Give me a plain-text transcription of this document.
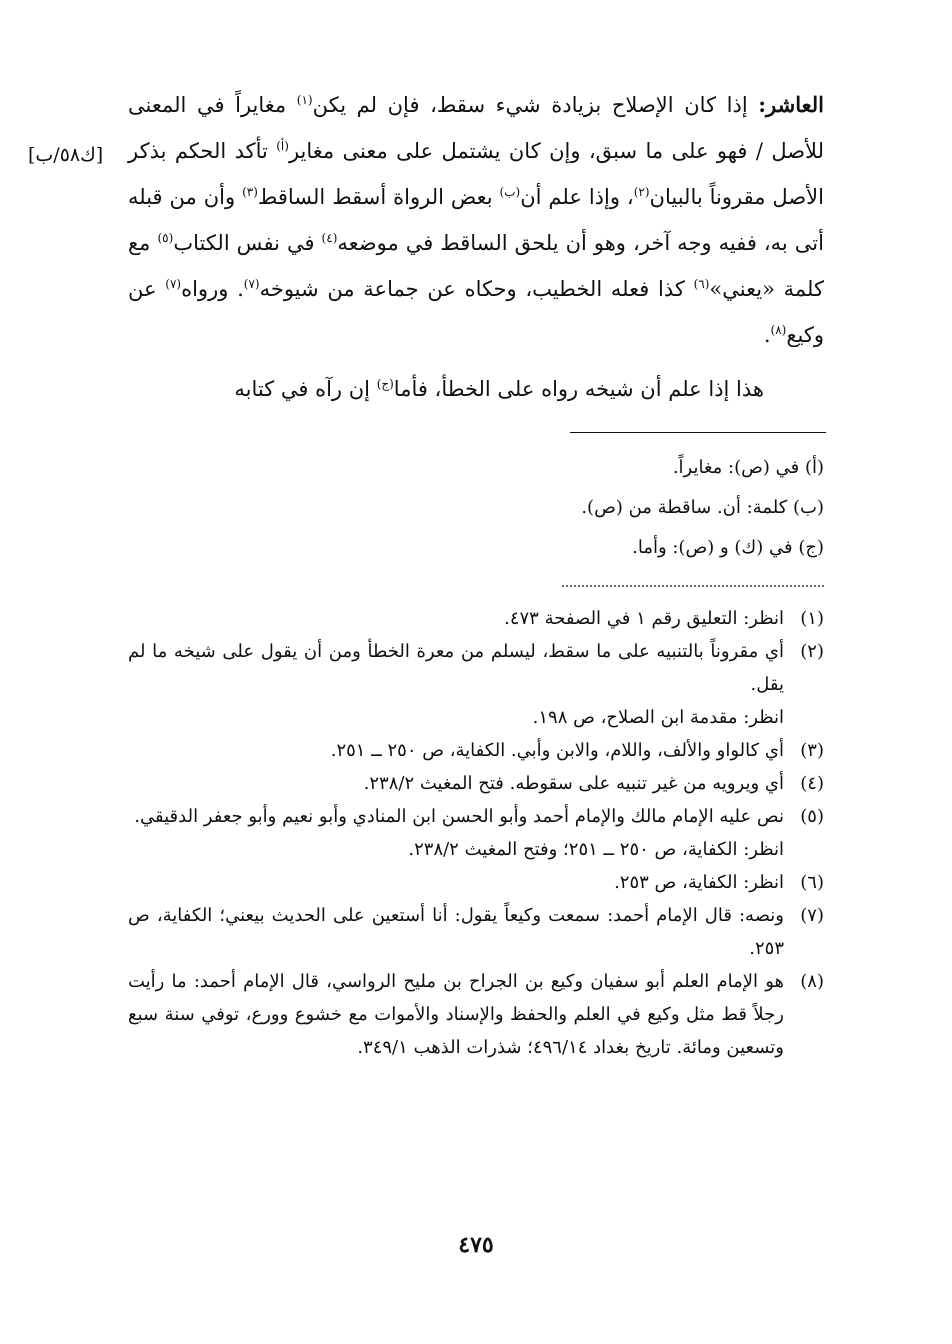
العاشر: إذا كان الإصلاح بزيادة شيء سقط، فإن لم يكن$^{(١)}$ مغايراً في المعنى للأصل / فهو على ما سبق، وإن كان يشتمل على معنى مغاير$^{(أ)}$ تأكد الحكم بذكر الأصل مقروناً بالبيان$^{(٢)}$، وإذا علم أن$^{(ب)}$ بعض الرواة أسقط الساقط$^{(٣)}$ وأن من قبله أتى به، ففيه وجه آخر، وهو أن يلحق الساقط في موضعه$^{(٤)}$ في نفس الكتاب$^{(٥)}$ مع كلمة «يعني»$^{(٦)}$ كذا فعله الخطيب، وحكاه عن جماعة من شيوخه$^{(٧)}$. ورواه$^{(٧)}$ عن وكيع$^{(٨)}$.

هذا إذا علم أن شيخه رواه على الخطأ، فأما$^{(ج)}$ إن رآه في كتابه

[ك٥٨/ب]
(أ) في (ص): مغايراً.
(ب) كلمة: أن. ساقطة من (ص).
(ج) في (ك) و (ص): وأما.
(١)
انظر: التعليق رقم ١ في الصفحة ٤٧٣.
(٢)
أي مقروناً بالتنبيه على ما سقط، ليسلم من معرة الخطأ ومن أن يقول على شيخه ما لم يقل.
انظر: مقدمة ابن الصلاح، ص ١٩٨.
(٣)
أي كالواو والألف، واللام، والابن وأبي. الكفاية، ص ٢٥٠ ــ ٢٥١.
(٤)
أي ويرويه من غير تنبيه على سقوطه. فتح المغيث ٢٣٨/٢.
(٥)
نص عليه الإمام مالك والإمام أحمد وأبو الحسن ابن المنادي وأبو نعيم وأبو جعفر الدقيقي.
انظر: الكفاية، ص ٢٥٠ ــ ٢٥١؛ وفتح المغيث ٢٣٨/٢.
(٦)
انظر: الكفاية، ص ٢٥٣.
(٧)
ونصه: قال الإمام أحمد: سمعت وكيعاً يقول: أنا أستعين على الحديث بيعني؛ الكفاية، ص ٢٥٣.
(٨)
هو الإمام العلم أبو سفيان وكيع بن الجراح بن مليح الرواسي، قال الإمام أحمد: ما رأيت رجلاً قط مثل وكيع في العلم والحفظ والإسناد والأموات مع خشوع وورع، توفي سنة سبع وتسعين ومائة. تاريخ بغداد ٤٩٦/١٤؛ شذرات الذهب ٣٤٩/١.
٤٧٥
